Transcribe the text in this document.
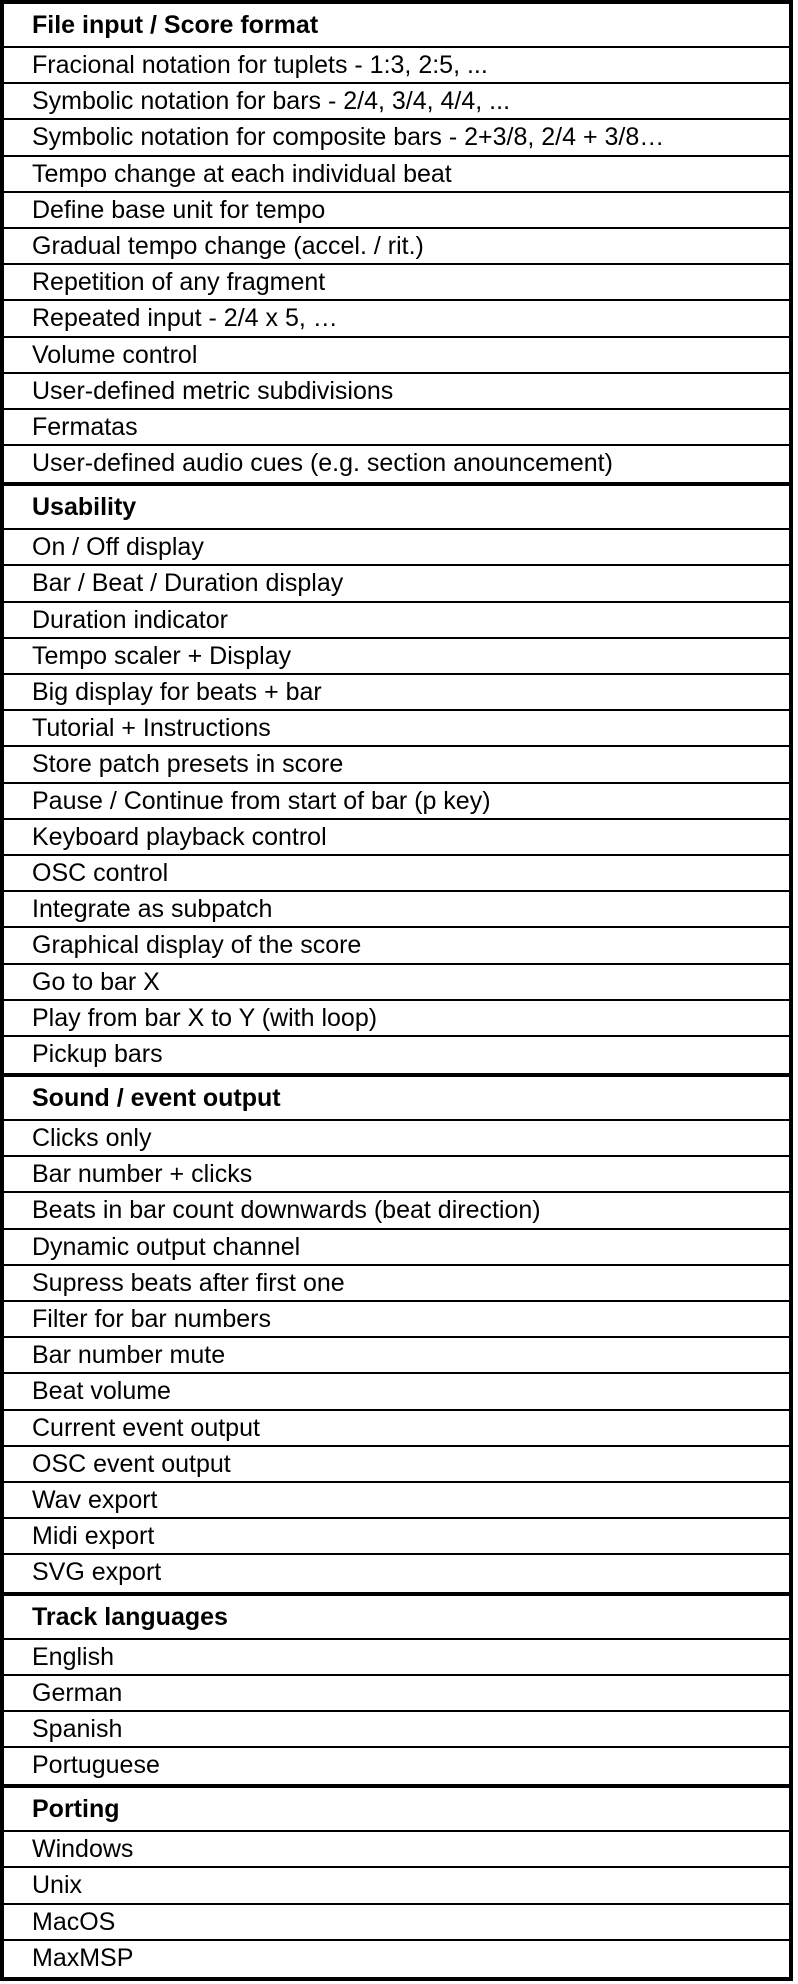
File input / Score format
Fracional notation for tuplets - 1:3, 2:5, ...
Symbolic notation for bars - 2/4, 3/4, 4/4, ...
Symbolic notation for composite bars - 2+3/8, 2/4 + 3/8…
Tempo change at each individual beat
Define base unit for tempo
Gradual tempo change (accel. / rit.)
Repetition of any fragment
Repeated input - 2/4 x 5, …
Volume control
User-defined metric subdivisions
Fermatas
User-defined audio cues (e.g. section anouncement)
Usability
On / Off display
Bar / Beat / Duration display
Duration indicator
Tempo scaler + Display
Big display for beats + bar
Tutorial + Instructions
Store patch presets in score
Pause / Continue from start of bar (p key)
Keyboard playback control
OSC control
Integrate as subpatch
Graphical display of the score
Go to bar X
Play from bar X to Y (with loop)
Pickup bars
Sound / event output
Clicks only
Bar number + clicks
Beats in bar count downwards (beat direction)
Dynamic output channel
Supress beats after first one
Filter for bar numbers
Bar number mute
Beat volume
Current event output
OSC event output
Wav export
Midi export
SVG export
Track languages
English
German
Spanish
Portuguese
Porting
Windows
Unix
MacOS
MaxMSP
